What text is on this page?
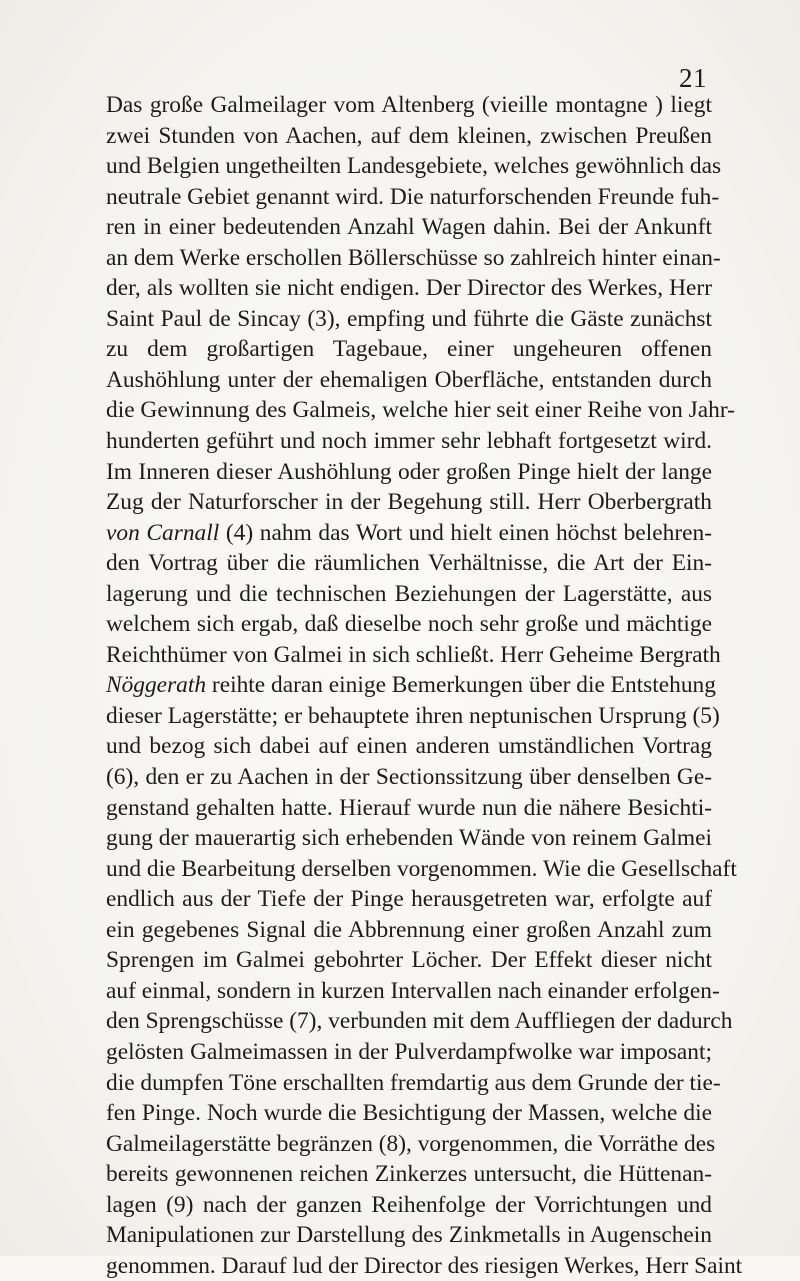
21
Das große Galmeilager vom Altenberg (vieille montagne ) liegt
zwei Stunden von Aachen, auf dem kleinen, zwischen Preußen
und Belgien ungetheilten Landesgebiete, welches gewöhnlich das
neutrale Gebiet genannt wird. Die naturforschenden Freunde fuh-
ren in einer bedeutenden Anzahl Wagen dahin. Bei der Ankunft
an dem Werke erschollen Böllerschüsse so zahlreich hinter einan-
der, als wollten sie nicht endigen. Der Director des Werkes, Herr
Saint Paul de Sincay (3), empfing und führte die Gäste zunächst
zu dem großartigen Tagebaue, einer ungeheuren offenen
Aushöhlung unter der ehemaligen Oberfläche, entstanden durch
die Gewinnung des Galmeis, welche hier seit einer Reihe von Jahr-
hunderten geführt und noch immer sehr lebhaft fortgesetzt wird.
Im Inneren dieser Aushöhlung oder großen Pinge hielt der lange
Zug der Naturforscher in der Begehung still. Herr Oberbergrath
von Carnall (4) nahm das Wort und hielt einen höchst belehren-
den Vortrag über die räumlichen Verhältnisse, die Art der Ein-
lagerung und die technischen Beziehungen der Lagerstätte, aus
welchem sich ergab, daß dieselbe noch sehr große und mächtige
Reichthümer von Galmei in sich schließt. Herr Geheime Bergrath
Nöggerath reihte daran einige Bemerkungen über die Entstehung
dieser Lagerstätte; er behauptete ihren neptunischen Ursprung (5)
und bezog sich dabei auf einen anderen umständlichen Vortrag
(6), den er zu Aachen in der Sectionssitzung über denselben Ge-
genstand gehalten hatte. Hierauf wurde nun die nähere Besichti-
gung der mauerartig sich erhebenden Wände von reinem Galmei
und die Bearbeitung derselben vorgenommen. Wie die Gesellschaft
endlich aus der Tiefe der Pinge herausgetreten war, erfolgte auf
ein gegebenes Signal die Abbrennung einer großen Anzahl zum
Sprengen im Galmei gebohrter Löcher. Der Effekt dieser nicht
auf einmal, sondern in kurzen Intervallen nach einander erfolgen-
den Sprengschüsse (7), verbunden mit dem Auffliegen der dadurch
gelösten Galmeimassen in der Pulverdampfwolke war imposant;
die dumpfen Töne erschallten fremdartig aus dem Grunde der tie-
fen Pinge. Noch wurde die Besichtigung der Massen, welche die
Galmeilagerstätte begränzen (8), vorgenommen, die Vorräthe des
bereits gewonnenen reichen Zinkerzes untersucht, die Hüttenan-
lagen (9) nach der ganzen Reihenfolge der Vorrichtungen und
Manipulationen zur Darstellung des Zinkmetalls in Augenschein
genommen. Darauf lud der Director des riesigen Werkes, Herr Saint
